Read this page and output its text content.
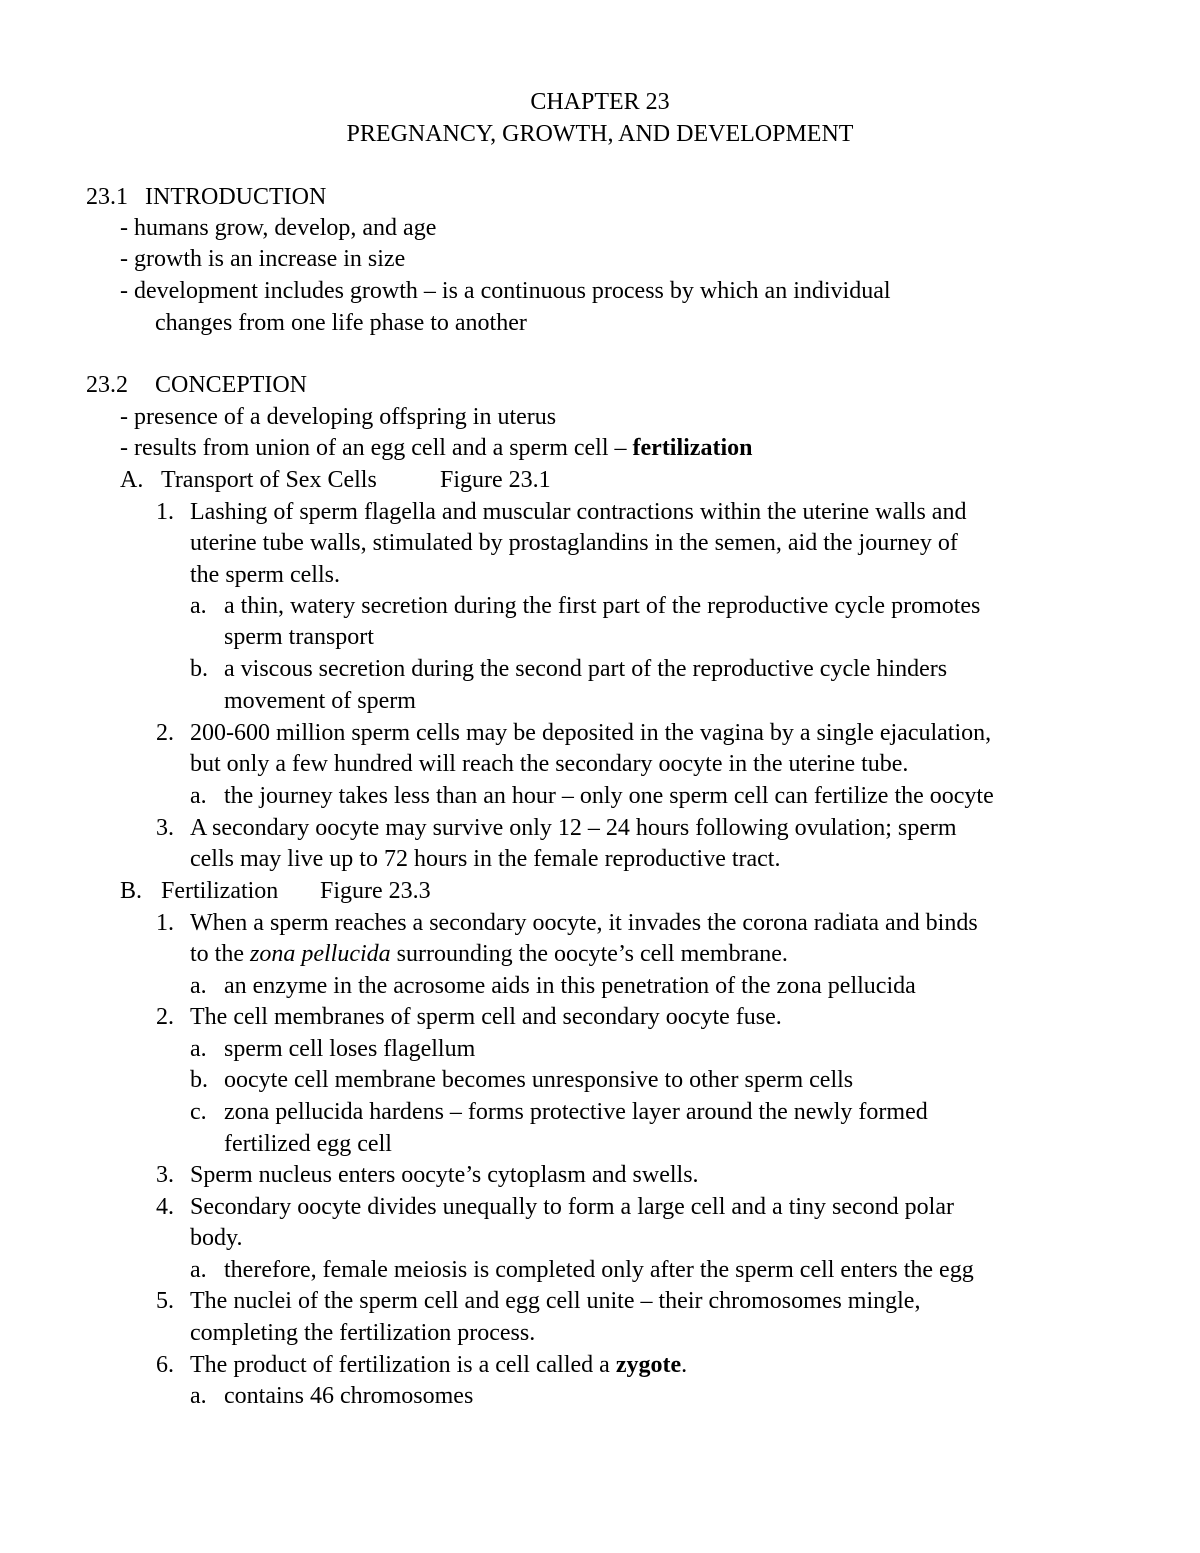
CHAPTER 23
PREGNANCY, GROWTH, AND DEVELOPMENT
23.1 INTRODUCTION
- humans grow, develop, and age
- growth is an increase in size
- development includes growth – is a continuous process by which an individual
changes from one life phase to another
23.2 CONCEPTION
- presence of a developing offspring in uterus
- results from union of an egg cell and a sperm cell – fertilization
A. Transport of Sex Cells	Figure 23.1
1. Lashing of sperm flagella and muscular contractions within the uterine walls and
uterine tube walls, stimulated by prostaglandins in the semen, aid the journey of
the sperm cells.
a. a thin, watery secretion during the first part of the reproductive cycle promotes
sperm transport
b. a viscous secretion during the second part of the reproductive cycle hinders
movement of sperm
2. 200-600 million sperm cells may be deposited in the vagina by a single ejaculation,
but only a few hundred will reach the secondary oocyte in the uterine tube.
a. the journey takes less than an hour – only one sperm cell can fertilize the oocyte
3. A secondary oocyte may survive only 12 – 24 hours following ovulation; sperm
cells may live up to 72 hours in the female reproductive tract.
B. Fertilization Figure 23.3
1. When a sperm reaches a secondary oocyte, it invades the corona radiata and binds
to the zona pellucida surrounding the oocyte’s cell membrane.
a. an enzyme in the acrosome aids in this penetration of the zona pellucida
2. The cell membranes of sperm cell and secondary oocyte fuse.
a. sperm cell loses flagellum
b. oocyte cell membrane becomes unresponsive to other sperm cells
c. zona pellucida hardens – forms protective layer around the newly formed
fertilized egg cell
3. Sperm nucleus enters oocyte’s cytoplasm and swells.
4. Secondary oocyte divides unequally to form a large cell and a tiny second polar
body.
a. therefore, female meiosis is completed only after the sperm cell enters the egg
5. The nuclei of the sperm cell and egg cell unite – their chromosomes mingle,
completing the fertilization process.
6. The product of fertilization is a cell called a zygote.
a. contains 46 chromosomes
